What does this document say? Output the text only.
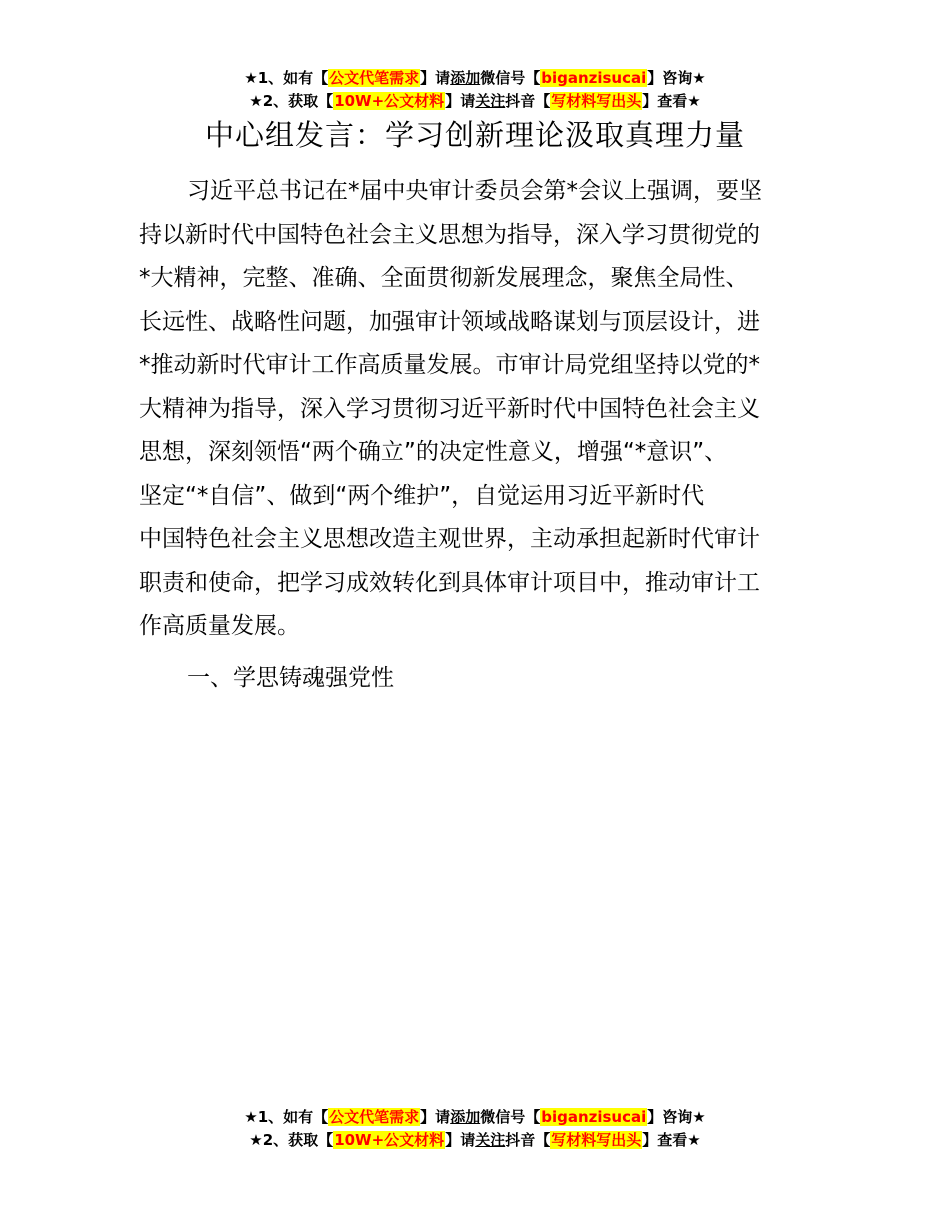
★1、如有【公文代笔需求】请添加微信号【biganzisucai】咨询★
★2、获取【10W+公文材料】请关注抖音【写材料写出头】查看★
中心组发言：学习创新理论汲取真理力量
习近平总书记在*届中央审计委员会第*会议上强调，要坚
持以新时代中国特色社会主义思想为指导，深入学习贯彻党的
*大精神，完整、准确、全面贯彻新发展理念，聚焦全局性、
长远性、战略性问题，加强审计领域战略谋划与顶层设计，进
*推动新时代审计工作高质量发展。市审计局党组坚持以党的*
大精神为指导，深入学习贯彻习近平新时代中国特色社会主义
思想，深刻领悟“两个确立”的决定性意义，增强“*意识”、
坚定“*自信”、做到“两个维护”，自觉运用习近平新时代
中国特色社会主义思想改造主观世界，主动承担起新时代审计
职责和使命，把学习成效转化到具体审计项目中，推动审计工
作高质量发展。
一、学思铸魂强党性
★1、如有【公文代笔需求】请添加微信号【biganzisucai】咨询★
★2、获取【10W+公文材料】请关注抖音【写材料写出头】查看★
